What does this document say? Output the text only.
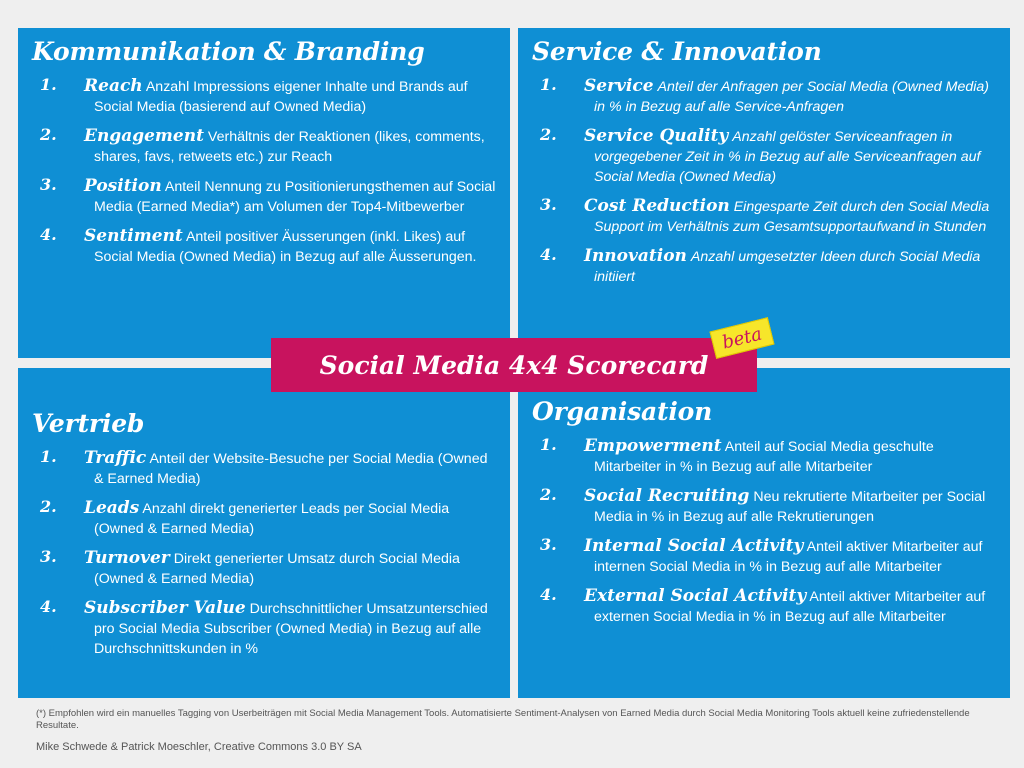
Kommunikation & Branding
1. Reach Anzahl Impressions eigener Inhalte und Brands auf Social Media (basierend auf Owned Media)
2. Engagement Verhältnis der Reaktionen (likes, comments, shares, favs, retweets etc.) zur Reach
3. Position Anteil Nennung zu Positionierungsthemen auf Social Media (Earned Media*) am Volumen der Top4-Mitbewerber
4. Sentiment Anteil positiver Äusserungen (inkl. Likes) auf Social Media (Owned Media) in Bezug auf alle Äusserungen.
Service & Innovation
1. Service Anteil der Anfragen per Social Media (Owned Media) in % in Bezug auf alle Service-Anfragen
2. Service Quality Anzahl gelöster Serviceanfragen in vorgegebener Zeit in % in Bezug auf alle Serviceanfragen auf Social Media (Owned Media)
3. Cost Reduction Eingesparte Zeit durch den Social Media Support im Verhältnis zum Gesamtsupportaufwand in Stunden
4. Innovation Anzahl umgesetzter Ideen durch Social Media initiiert
Vertrieb
1. Traffic Anteil der Website-Besuche per Social Media (Owned & Earned Media)
2. Leads Anzahl direkt generierter Leads per Social Media (Owned & Earned Media)
3. Turnover Direkt generierter Umsatz durch Social Media (Owned & Earned Media)
4. Subscriber Value Durchschnittlicher Umsatzunterschied pro Social Media Subscriber (Owned Media) in Bezug auf alle Durchschnittskunden in %
Organisation
1. Empowerment Anteil auf Social Media geschulte Mitarbeiter in % in Bezug auf alle Mitarbeiter
2. Social Recruiting Neu rekrutierte Mitarbeiter per Social Media in % in Bezug auf alle Rekrutierungen
3. Internal Social Activity Anteil aktiver Mitarbeiter auf internen Social Media in % in Bezug auf alle Mitarbeiter
4. External Social Activity Anteil aktiver Mitarbeiter auf externen Social Media in % in Bezug auf alle Mitarbeiter
Social Media 4x4 Scorecard
beta
(*) Empfohlen wird ein manuelles Tagging von Userbeiträgen mit Social Media Management Tools. Automatisierte Sentiment-Analysen von Earned Media durch Social Media Monitoring Tools aktuell keine zufriedenstellende Resultate.
Mike Schwede & Patrick Moeschler, Creative Commons 3.0 BY SA
